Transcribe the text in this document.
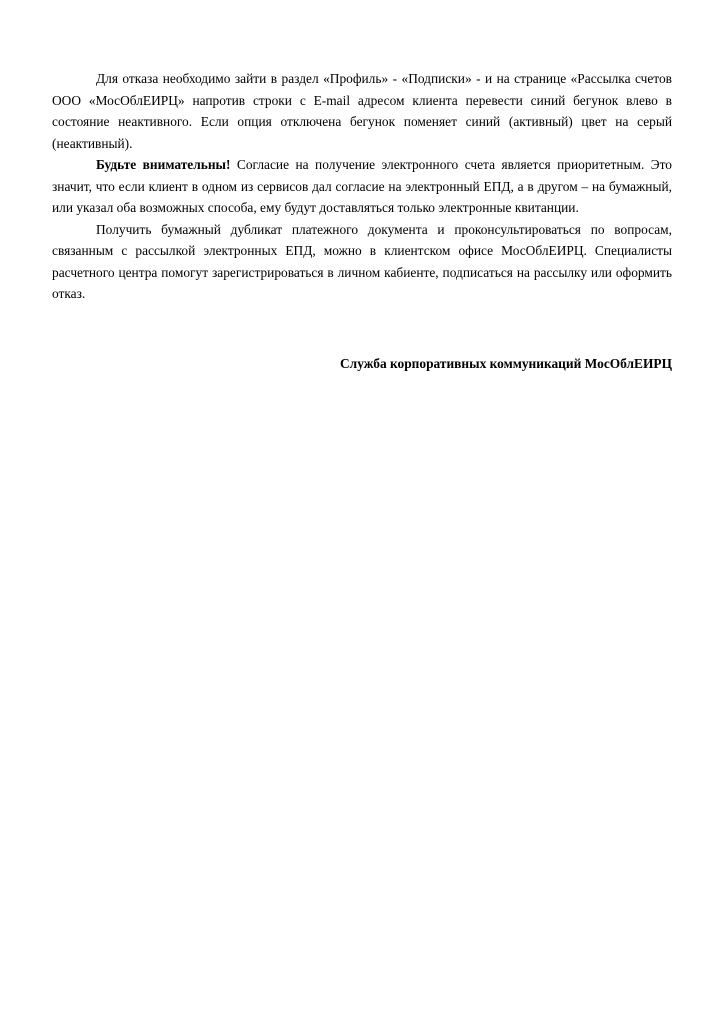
Для отказа необходимо зайти в раздел «Профиль» - «Подписки» - и на странице «Рассылка счетов ООО «МосОблЕИРЦ» напротив строки с E-mail адресом клиента перевести синий бегунок влево в состояние неактивного. Если опция отключена бегунок поменяет синий (активный) цвет на серый (неактивный).

Будьте внимательны! Согласие на получение электронного счета является приоритетным. Это значит, что если клиент в одном из сервисов дал согласие на электронный ЕПД, а в другом – на бумажный, или указал оба возможных способа, ему будут доставляться только электронные квитанции.

Получить бумажный дубликат платежного документа и проконсультироваться по вопросам, связанным с рассылкой электронных ЕПД, можно в клиентском офисе МосОблЕИРЦ. Специалисты расчетного центра помогут зарегистрироваться в личном кабиенте, подписаться на рассылку или оформить отказ.

Служба корпоративных коммуникаций МосОблЕИРЦ
